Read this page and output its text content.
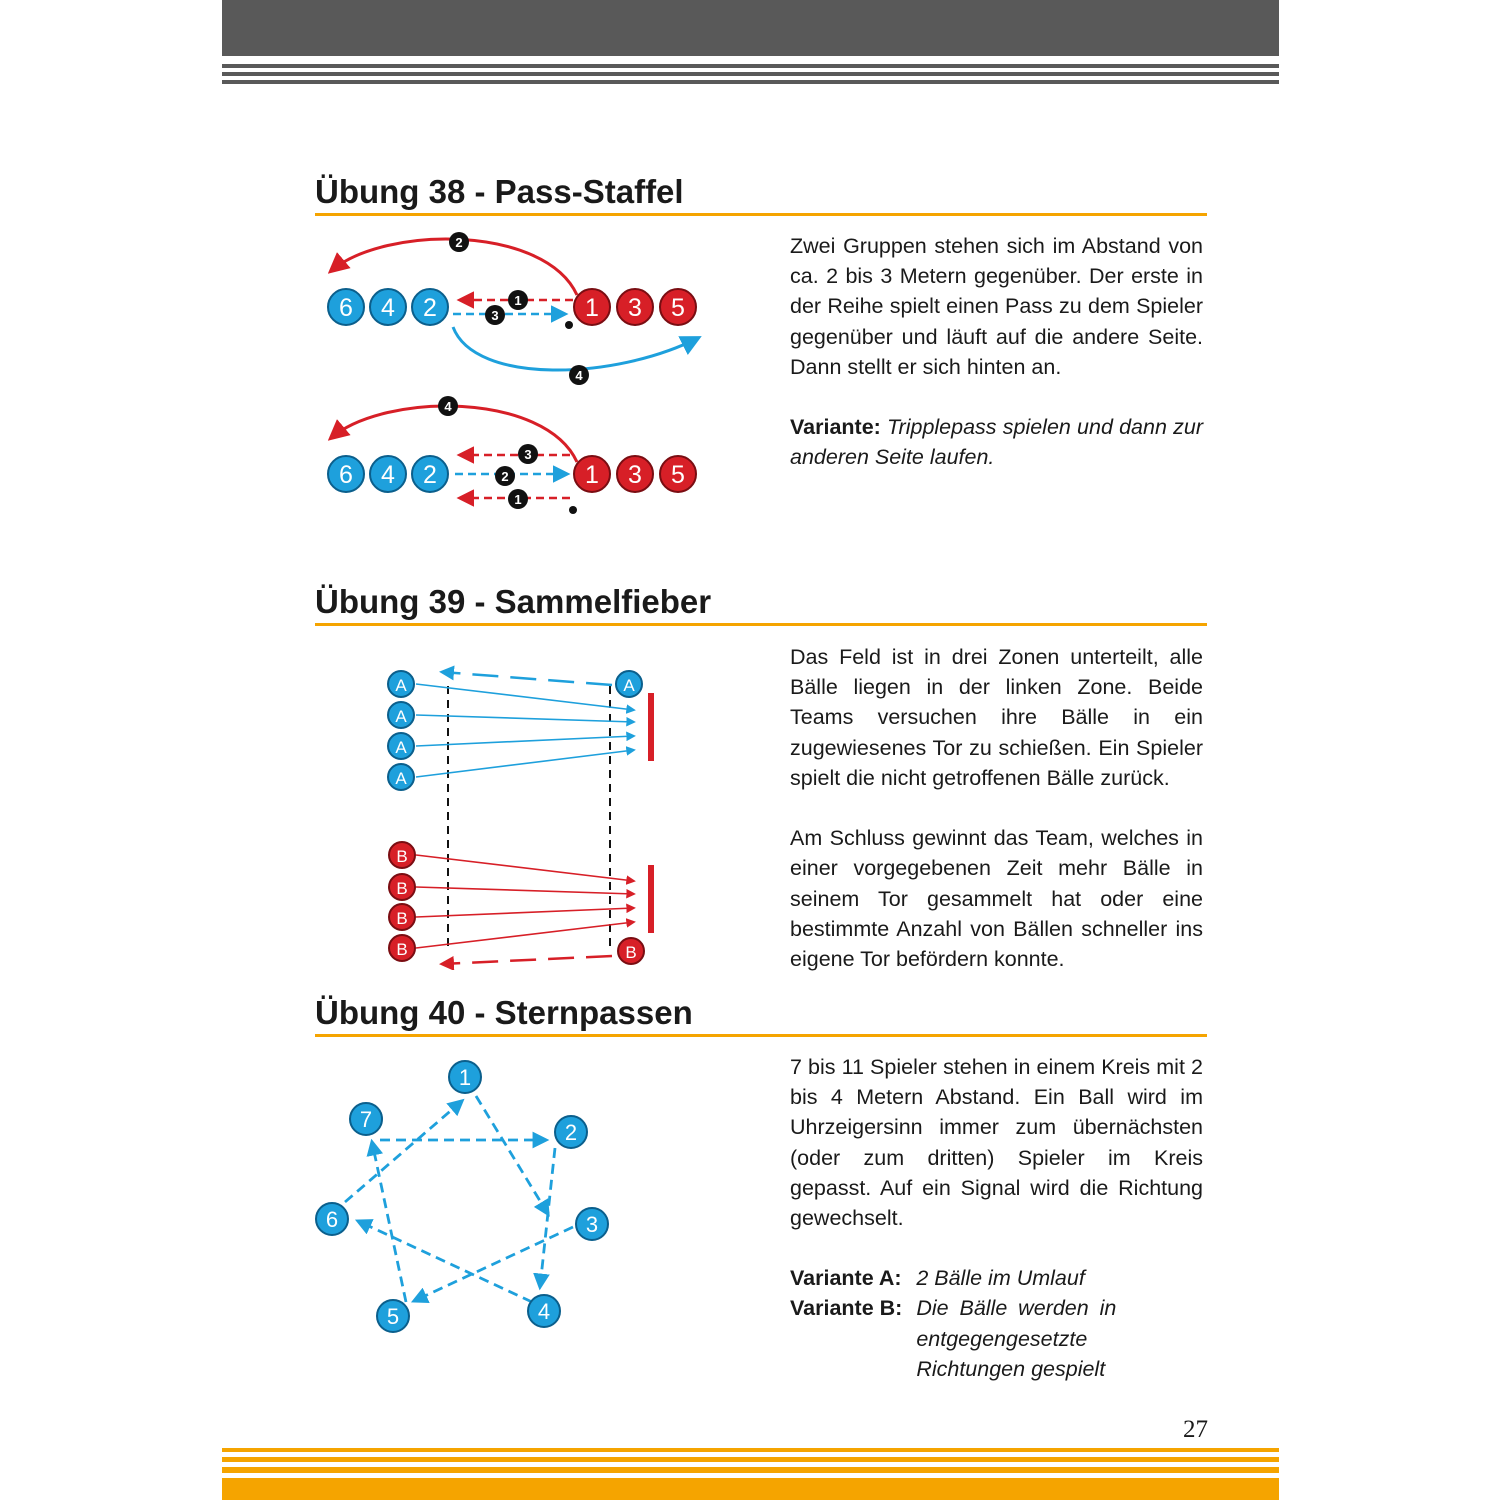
Übung 38 - Pass-Staffel

Zwei Gruppen stehen sich im Abstand von ca. 2 bis 3 Metern gegenüber. Der erste in der Reihe spielt einen Pass zu dem Spieler gegenüber und läuft auf die andere Seite. Dann stellt er sich hinten an.

Variante: Tripplepass spielen und dann zur anderen Seite laufen.

6 4 2	1 3 5
2
1
3
4
6 4 2	1 3 5
4
3
2
1
Übung 39 - Sammelfieber

Das Feld ist in drei Zonen unterteilt, alle Bälle liegen in der linken Zone. Beide Teams versuchen ihre Bälle in ein zugewiesenes Tor zu schießen. Ein Spieler spielt die nicht getroffenen Bälle zurück.

Am Schluss gewinnt das Team, welches in einer vorgegebenen Zeit mehr Bälle in seinem Tor gesammelt hat oder eine bestimmte Anzahl von Bällen schneller ins eigene Tor befördern konnte.

A
A
A
A
A
B
B
B
B	B
Übung 40 - Sternpassen

7 bis 11 Spieler stehen in einem Kreis mit 2 bis 4 Metern Abstand. Ein Ball wird im Uhrzeigersinn immer zum übernächsten (oder zum dritten) Spieler im Kreis gepasst. Auf ein Signal wird die Richtung gewechselt.

Variante A:	2 Bälle im Umlauf
Variante B:	Die Bälle werden in entgegengesetzte Richtungen gespielt
1
2
3
4
5
6
7
27
